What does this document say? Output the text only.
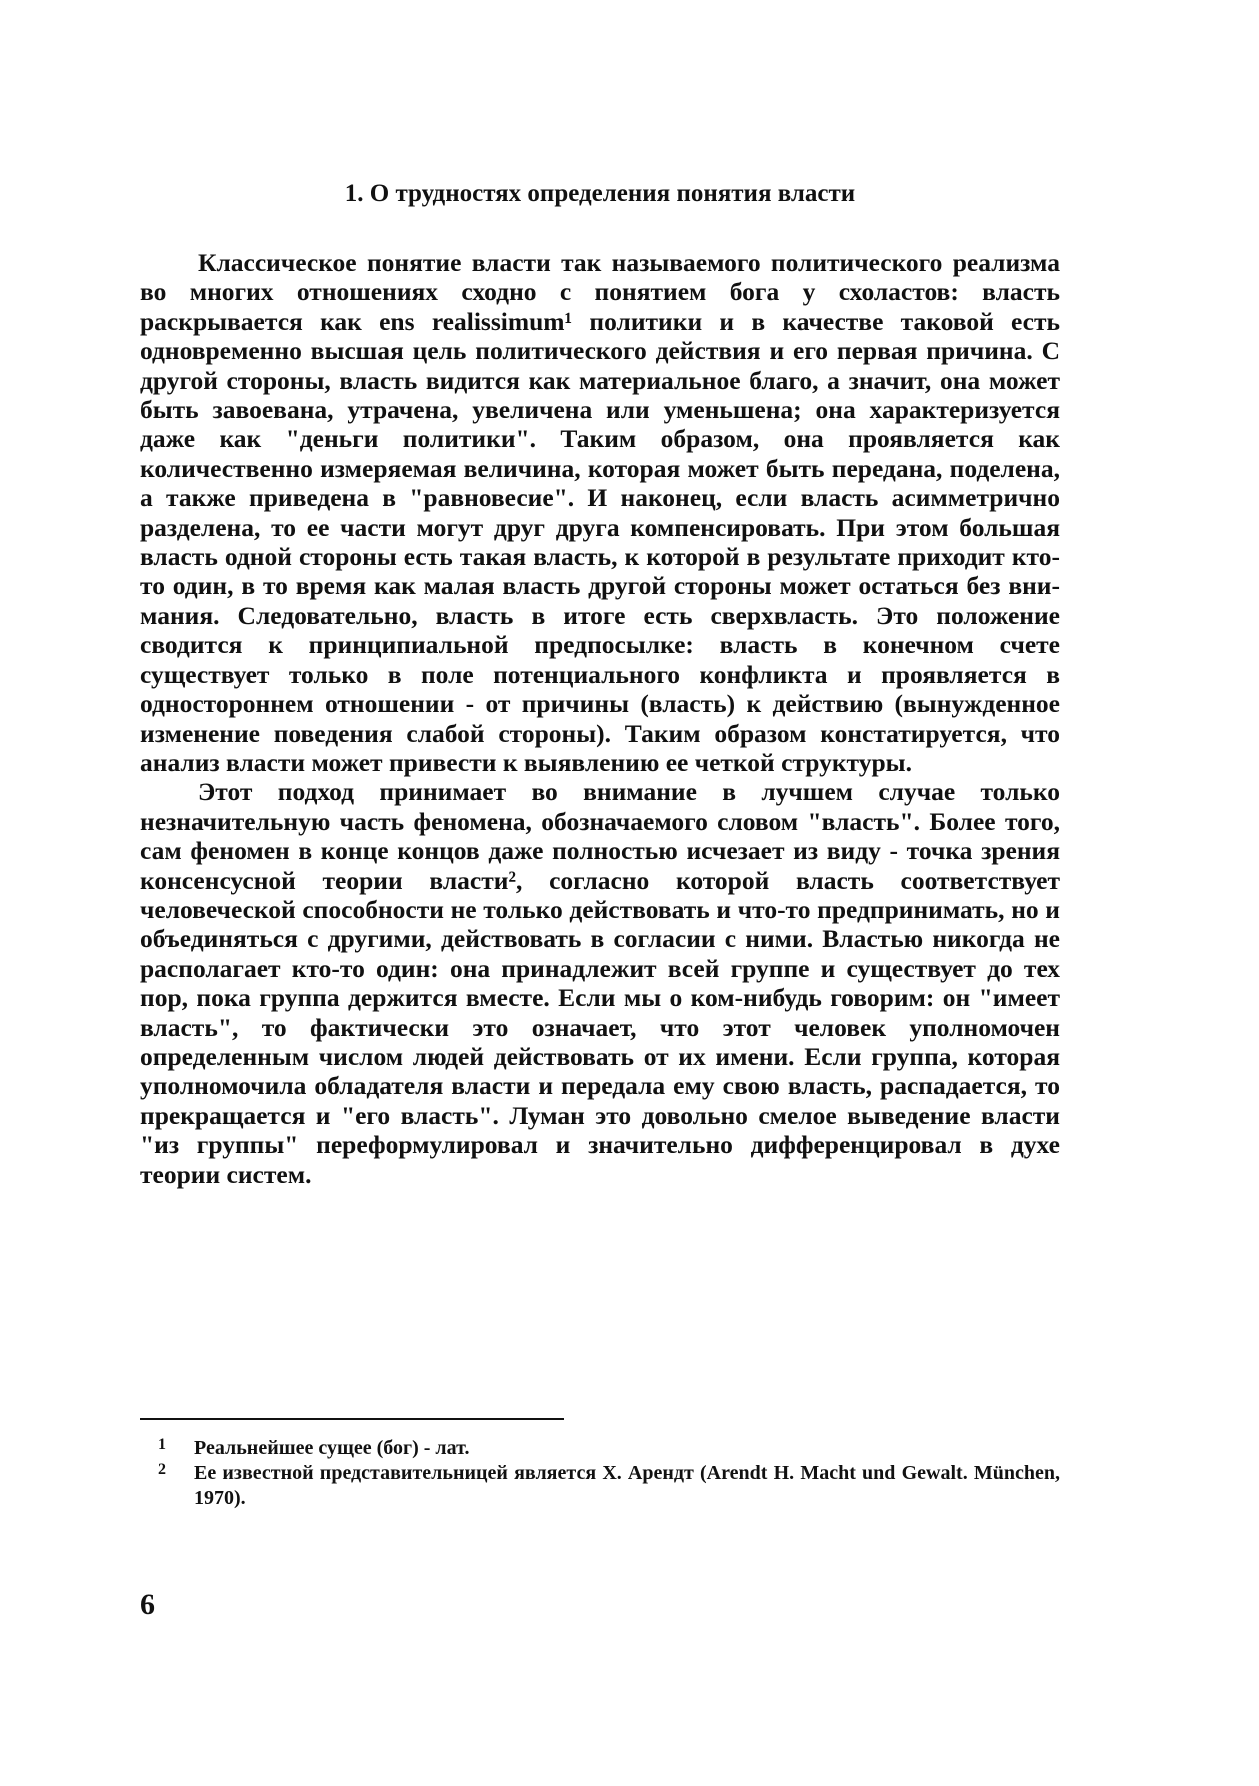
1. О трудностях определения понятия власти

Классическое понятие власти так называемого политического реализма во многих отношениях сходно с понятием бога у схоластов: власть раскрывается как ens realissimum¹ политики и в качестве таковой есть одновременно высшая цель политического действия и его первая причина. С другой стороны, власть видится как материальное благо, а значит, она может быть завоевана, утрачена, увеличена или уменьшена; она характеризуется даже как "деньги политики". Таким образом, она проявляется как количественно измеряемая величина, которая может быть передана, поделена, а также приведена в "равновесие". И наконец, если власть асимметрично разделена, то ее части могут друг друга компенсировать. При этом большая власть одной стороны есть такая власть, к которой в результате приходит кто-то один, в то время как малая власть другой стороны может остаться без внимания. Следовательно, власть в итоге есть сверхвласть. Это положение сводится к принципиальной предпосылке: власть в конечном счете существует только в поле потенциального конфликта и проявляется в одностороннем отношении - от причины (власть) к действию (вынужденное изменение поведения слабой стороны). Таким образом констатируется, что анализ власти может привести к выявлению ее четкой структуры.

Этот подход принимает во внимание в лучшем случае только незначительную часть феномена, обозначаемого словом "власть". Более того, сам феномен в конце концов даже полностью исчезает из виду - точка зрения консенсусной теории власти², согласно которой власть соответствует человеческой способности не только действовать и что-то предпринимать, но и объединяться с другими, действовать в согласии с ними. Властью никогда не располагает кто-то один: она принадлежит всей группе и существует до тех пор, пока группа держится вместе. Если мы о ком-нибудь говорим: он "имеет власть", то фактически это означает, что этот человек уполномочен определенным числом людей действовать от их имени. Если группа, которая уполномочила обладателя власти и передала ему свою власть, распадается, то прекращается и "его власть". Луман это довольно смелое выведение власти "из группы" переформулировал и значительно дифференцировал в духе теории систем.

1	Реальнейшее сущее (бог) - лат.
2	Ее известной представительницей является Х. Арендт (Arendt H. Macht und Gewalt. München, 1970).
6
